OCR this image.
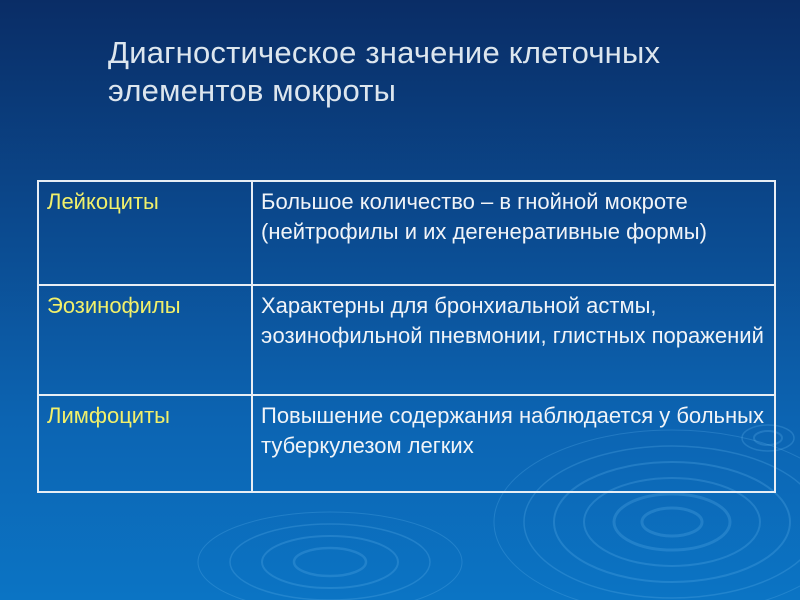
Диагностическое значение клеточных
элементов мокроты
Лейкоциты	Большое количество – в гнойной мокроте (нейтрофилы и их дегенеративные формы)
Эозинофилы	Характерны для бронхиальной астмы, эозинофильной пневмонии, глистных поражений
Лимфоциты	Повышение содержания наблюдается у больных туберкулезом легких
